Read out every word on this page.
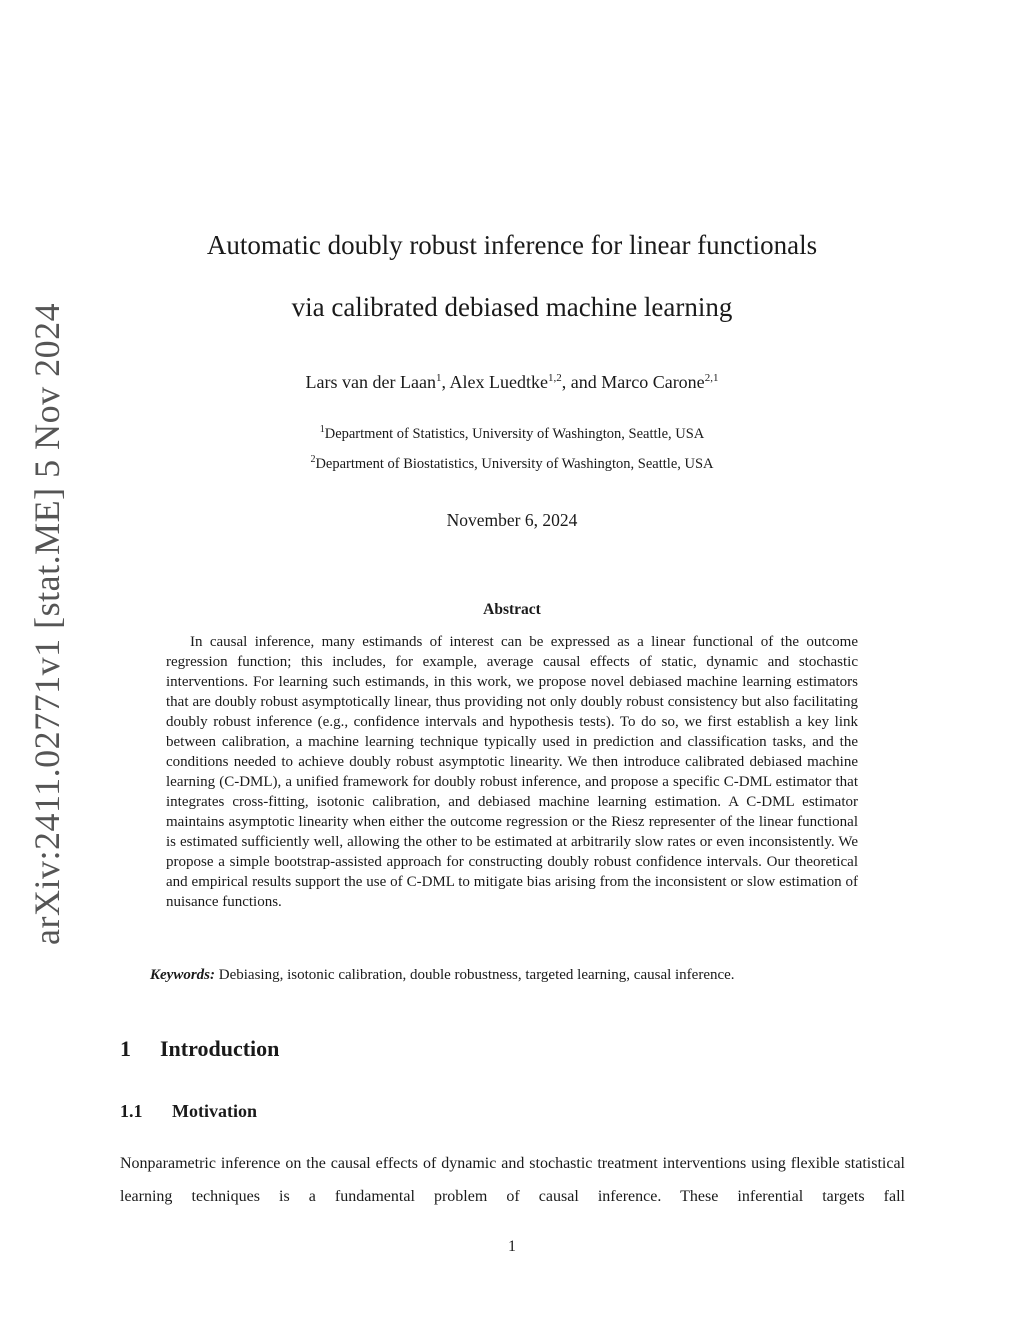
arXiv:2411.02771v1 [stat.ME] 5 Nov 2024
Automatic doubly robust inference for linear functionals
via calibrated debiased machine learning
Lars van der Laan$^1$, Alex Luedtke$^{1,2}$, and Marco Carone$^{2,1}$
$^1$Department of Statistics, University of Washington, Seattle, USA
$^2$Department of Biostatistics, University of Washington, Seattle, USA
November 6, 2024
Abstract
In causal inference, many estimands of interest can be expressed as a linear functional of the outcome regression function; this includes, for example, average causal effects of static, dynamic and stochastic interventions. For learning such estimands, in this work, we propose novel debiased machine learning estimators that are doubly robust asymptotically linear, thus providing not only doubly robust consistency but also facilitating doubly robust inference (e.g., confidence intervals and hypothesis tests). To do so, we first establish a key link between calibration, a machine learning technique typically used in prediction and classification tasks, and the conditions needed to achieve doubly robust asymptotic linearity. We then introduce calibrated debiased machine learning (C-DML), a unified framework for doubly robust inference, and propose a specific C-DML estimator that integrates cross-fitting, isotonic calibration, and debiased machine learning estimation. A C-DML estimator maintains asymptotic linearity when either the outcome regression or the Riesz representer of the linear functional is estimated sufficiently well, allowing the other to be estimated at arbitrarily slow rates or even inconsistently. We propose a simple bootstrap-assisted approach for constructing doubly robust confidence intervals. Our theoretical and empirical results support the use of C-DML to mitigate bias arising from the inconsistent or slow estimation of nuisance functions.
Keywords: Debiasing, isotonic calibration, double robustness, targeted learning, causal inference.
1 Introduction
1.1 Motivation
Nonparametric inference on the causal effects of dynamic and stochastic treatment interventions using flexible statistical learning techniques is a fundamental problem of causal inference. These inferential targets fall
1
